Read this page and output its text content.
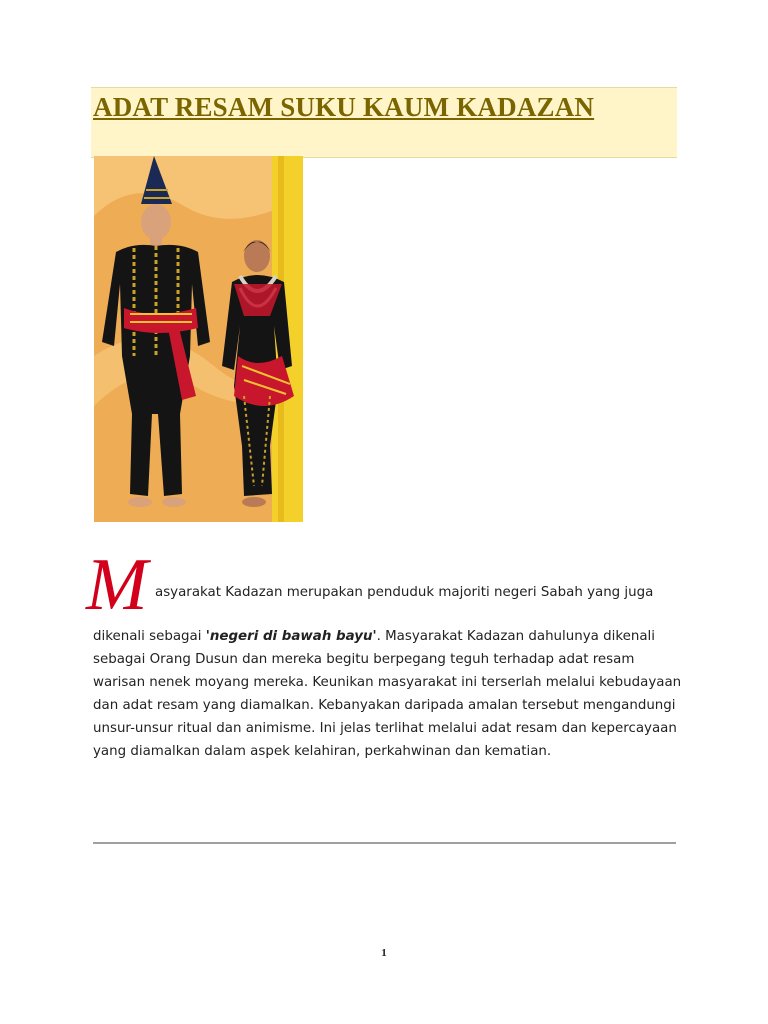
ADAT RESAM SUKU KAUM KADAZAN
M asyarakat Kadazan merupakan penduduk majoriti negeri Sabah yang juga

dikenali sebagai 'negeri di bawah bayu'. Masyarakat Kadazan dahulunya dikenali sebagai Orang Dusun dan mereka begitu berpegang teguh terhadap adat resam warisan nenek moyang mereka. Keunikan masyarakat ini terserlah melalui kebudayaan dan adat resam yang diamalkan. Kebanyakan daripada amalan tersebut mengandungi unsur-unsur ritual dan animisme. Ini jelas terlihat melalui adat resam dan kepercayaan yang diamalkan dalam aspek kelahiran, perkahwinan dan kematian.

1
